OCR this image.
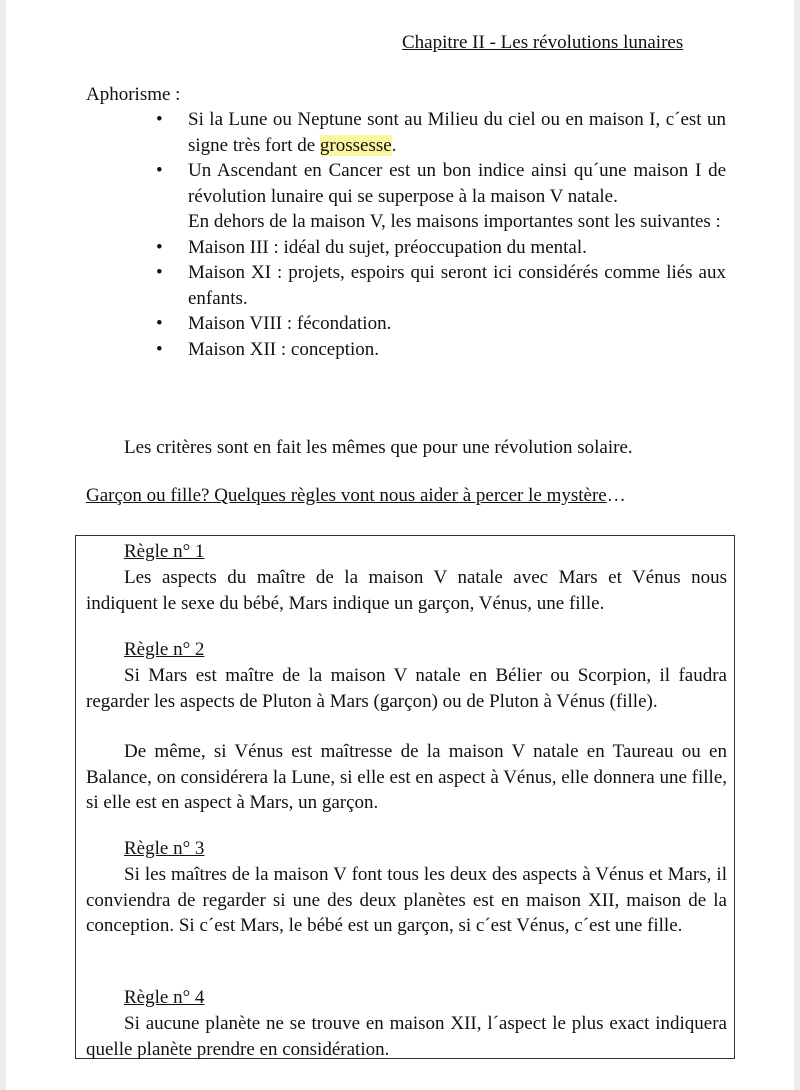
Chapitre II - Les révolutions lunaires
Aphorisme :
• Si la Lune ou Neptune sont au Milieu du ciel ou en maison I, c´est un signe très fort de grossesse.
• Un Ascendant en Cancer est un bon indice ainsi qu´une maison I de révolution lunaire qui se superpose à la maison V natale.
En dehors de la maison V, les maisons importantes sont les suivantes :
• Maison III : idéal du sujet, préoccupation du mental.
• Maison XI : projets, espoirs qui seront ici considérés comme liés aux enfants.
• Maison VIII : fécondation.
• Maison XII : conception.
Les critères sont en fait les mêmes que pour une révolution solaire.
Garçon ou fille? Quelques règles vont nous aider à percer le mystère…
Règle n° 1

Les aspects du maître de la maison V natale avec Mars et Vénus nous indiquent le sexe du bébé, Mars indique un garçon, Vénus, une fille.

Règle n° 2

Si Mars est maître de la maison V natale en Bélier ou Scorpion, il faudra regarder les aspects de Pluton à Mars (garçon) ou de Pluton à Vénus (fille).

De même, si Vénus est maîtresse de la maison V natale en Taureau ou en Balance, on considérera la Lune, si elle est en aspect à Vénus, elle donnera une fille, si elle est en aspect à Mars, un garçon.

Règle n° 3

Si les maîtres de la maison V font tous les deux des aspects à Vénus et Mars, il conviendra de regarder si une des deux planètes est en maison XII, maison de la conception. Si c´est Mars, le bébé est un garçon, si c´est Vénus, c´est une fille.

Règle n° 4

Si aucune planète ne se trouve en maison XII, l´aspect le plus exact indiquera quelle planète prendre en considération.
